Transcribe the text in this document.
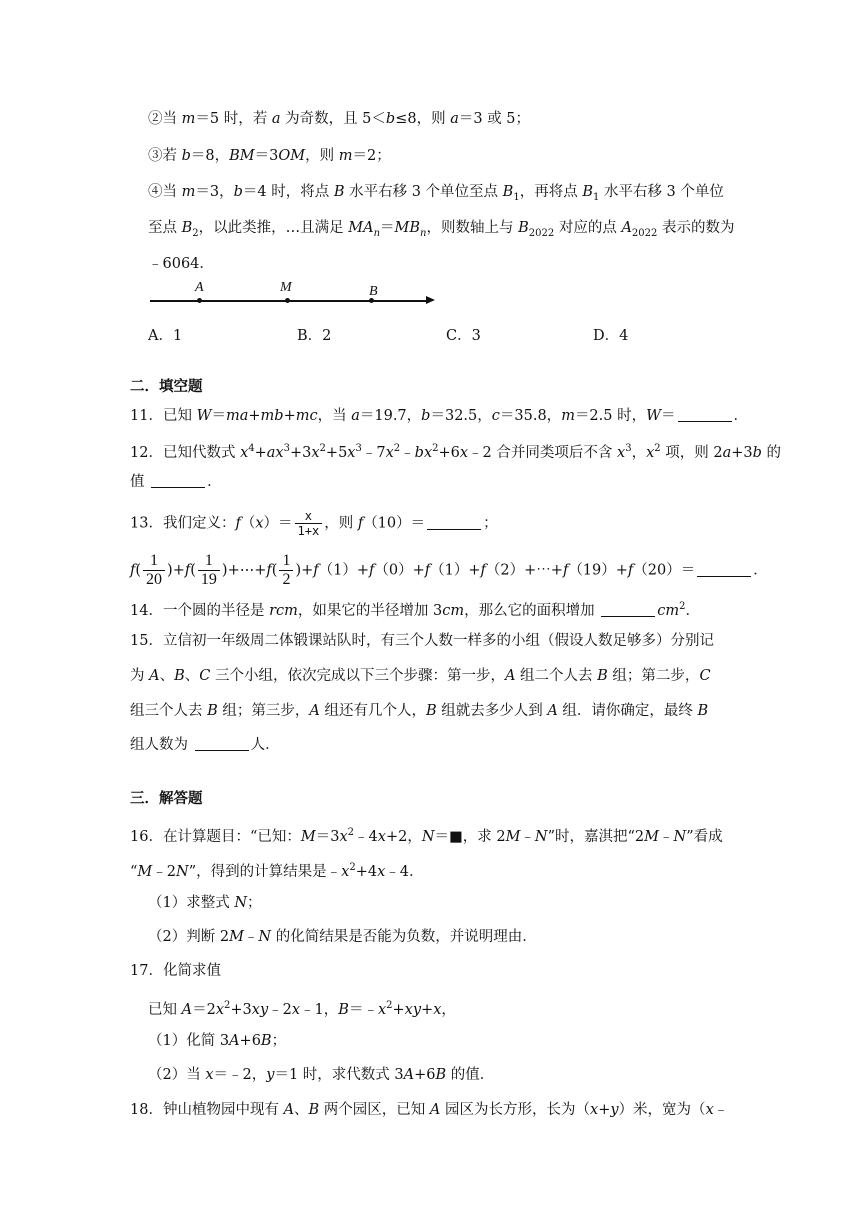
②当 m＝5 时，若 a 为奇数，且 5＜b≤8，则 a＝3 或 5；
③若 b＝8，BM＝3OM，则 m＝2；
④当 m＝3，b＝4 时，将点 B 水平右移 3 个单位至点 $B_1$，再将点 $B_1$ 水平右移 3 个单位
至点 $B_2$，以此类推，…且满足 $MA_n=MB_n$，则数轴上与 $B_{2022}$ 对应的点 $A_{2022}$ 表示的数为
﹣6064．
A	M	B
A．1	B．2	C．3	D．4
二．填空题
11．已知 W＝ma+mb+mc，当 a＝19.7，b＝32.5，c＝35.8，m＝2.5 时，W＝	．
12．已知代数式 $x^4+ax^3+3x^2+5x^3﹣7x^2﹣bx^2+6x﹣2$ 合并同类项后不含 $x^3$，$x^2$ 项，则 2a+3b 的
值	．
13．我们定义：$f(x)= \frac{x}{1+x}$ ，则 f（10）＝	；
$f( \frac{1}{20} )+f( \frac{1}{19}$ )+⋯+f( $\frac{1}{2}$ )+f（1）+f（0）+f（1）+f（2）+⋯+f（19）+f（20）＝	．
14．一个圆的半径是 rcm，如果它的半径增加 3cm，那么它的面积增加	$cm^2$．
15．立信初一年级周二体锻课站队时，有三个人数一样多的小组（假设人数足够多）分别记
为 A、B、C 三个小组，依次完成以下三个步骤：第一步，A 组二个人去 B 组；第二步，C
组三个人去 B 组；第三步，A 组还有几个人，B 组就去多少人到 A 组．请你确定，最终 B
组人数为	人．
三．解答题
16．在计算题目：“已知：$M=3x^2﹣4x+2$，N＝■，求 2M﹣N”时，嘉淇把“2M﹣N”看成
“M﹣2N”，得到的计算结果是$﹣x^2+4x﹣4$．
（1）求整式 N；
（2）判断 2M﹣N 的化简结果是否能为负数，并说明理由．
17．化简求值
已知 $A=2x^2+3xy﹣2x﹣1$，$B=﹣x^2+xy+x$，
（1）化简 3A+6B；
（2）当 x＝﹣2，y＝1 时，求代数式 3A+6B 的值．
18．钟山植物园中现有 A、B 两个园区，已知 A 园区为长方形，长为（x+y）米，宽为（x﹣
